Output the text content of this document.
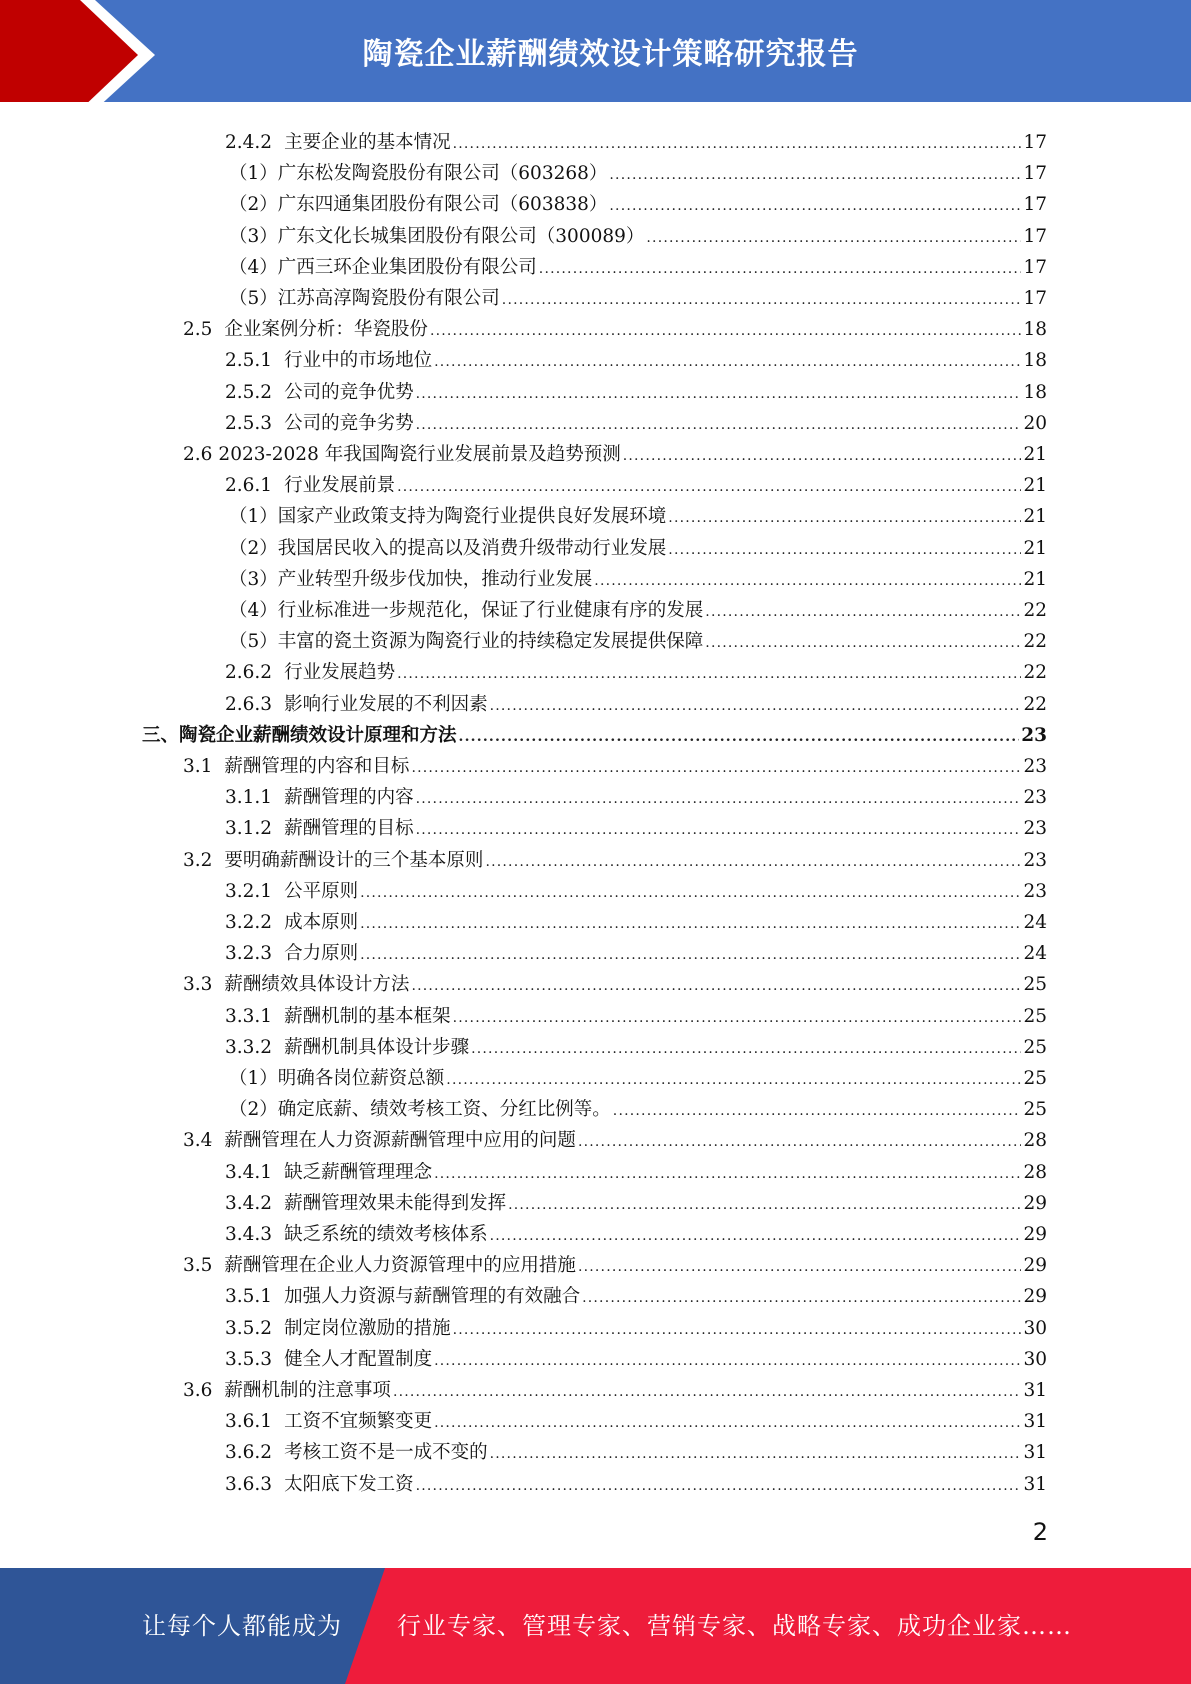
陶瓷企业薪酬绩效设计策略研究报告
2.4.2 主要企业的基本情况 .....	17
（1） 广东松发陶瓷股份有限公司（603268） .....	17
（2） 广东四通集团股份有限公司（603838） .....	17
（3） 广东文化长城集团股份有限公司（300089） .....	17
（4） 广西三环企业集团股份有限公司 .....	17
（5） 江苏高淳陶瓷股份有限公司 .....	17
2.5 企业案例分析：华瓷股份 .....	18
2.5.1 行业中的市场地位 .....	18
2.5.2 公司的竞争优势 .....	18
2.5.3 公司的竞争劣势 .....	20
2.6 2023-2028 年我国陶瓷行业发展前景及趋势预测 .....	21
2.6.1 行业发展前景 .....	21
（1） 国家产业政策支持为陶瓷行业提供良好发展环境 .....	21
（2） 我国居民收入的提高以及消费升级带动行业发展 .....	21
（3） 产业转型升级步伐加快，推动行业发展 .....	21
（4） 行业标准进一步规范化，保证了行业健康有序的发展 .....	22
（5） 丰富的瓷土资源为陶瓷行业的持续稳定发展提供保障 .....	22
2.6.2 行业发展趋势 .....	22
2.6.3 影响行业发展的不利因素 .....	22
三、 陶瓷企业薪酬绩效设计原理和方法 .....	23
3.1 薪酬管理的内容和目标 .....	23
3.1.1 薪酬管理的内容 .....	23
3.1.2 薪酬管理的目标 .....	23
3.2 要明确薪酬设计的三个基本原则 .....	23
3.2.1 公平原则 .....	23
3.2.2 成本原则 .....	24
3.2.3 合力原则 .....	24
3.3 薪酬绩效具体设计方法 .....	25
3.3.1 薪酬机制的基本框架 .....	25
3.3.2 薪酬机制具体设计步骤 .....	25
（1） 明确各岗位薪资总额 .....	25
（2） 确定底薪、绩效考核工资、分红比例等。 .....	25
3.4 薪酬管理在人力资源薪酬管理中应用的问题 .....	28
3.4.1 缺乏薪酬管理理念 .....	28
3.4.2 薪酬管理效果未能得到发挥 .....	29
3.4.3 缺乏系统的绩效考核体系 .....	29
3.5 薪酬管理在企业人力资源管理中的应用措施 .....	29
3.5.1 加强人力资源与薪酬管理的有效融合 .....	29
3.5.2 制定岗位激励的措施 .....	30
3.5.3 健全人才配置制度 .....	30
3.6 薪酬机制的注意事项 .....	31
3.6.1 工资不宜频繁变更 .....	31
3.6.2 考核工资不是一成不变的 .....	31
3.6.3 太阳底下发工资 .....	31
2
让每个人都能成为 行业专家、管理专家、营销专家、战略专家、成功企业家……
